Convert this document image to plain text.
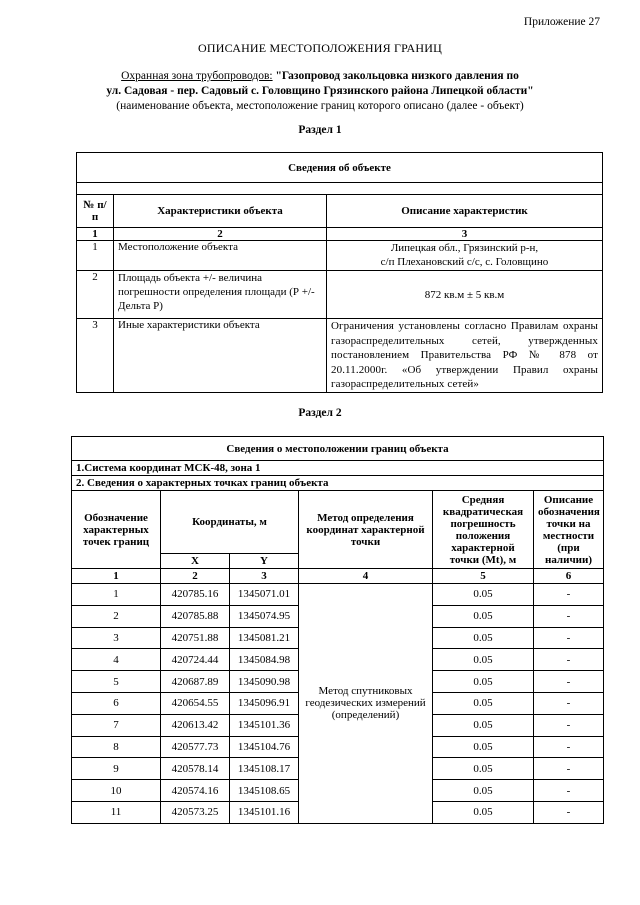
Приложение 27
ОПИСАНИЕ МЕСТОПОЛОЖЕНИЯ ГРАНИЦ
Охранная зона трубопроводов: "Газопровод закольцовка низкого давления по
ул. Садовая - пер. Садовый с. Головщино Грязинского района Липецкой области"
(наименование объекта, местоположение границ которого описано (далее - объект)
Раздел 1
Сведения об объекте		

№ п/п	Характеристики объекта	Описание характеристик
1	2	3
1	Местоположение объекта	Липецкая обл., Грязинский р-н,
с/п Плехановский с/с, с. Головщино

2	Площадь объекта +/- величина погрешности определения площади (Р +/- Дельта Р)	872 кв.м ± 5 кв.м
3	Иные характеристики объекта	Ограничения установлены согласно Правилам охраны газораспределительных сетей, утвержденных постановлением Правительства РФ № 878 от 20.11.2000г. «Об утверждении Правил охраны газораспределительных сетей»
Раздел 2
Сведения о местоположении границ объекта					
1.Система координат МСК-48, зона 1					
2. Сведения о характерных точках границ объекта					
Обозначение характерных точек границ	Координаты, м		Метод определения координат характерной точки	Средняя квадратическая погрешность положения характерной точки (Mt), м	Описание обозначения точки на местности (при наличии)
	X	Y			
1	2	3	4	5	6
1	420785.16	1345071.01	Метод спутниковых геодезических измерений (определений)	0.05	-
2	420785.88	1345074.95		0.05	-
3	420751.88	1345081.21		0.05	-
4	420724.44	1345084.98		0.05	-
5	420687.89	1345090.98		0.05	-
6	420654.55	1345096.91		0.05	-
7	420613.42	1345101.36		0.05	-
8	420577.73	1345104.76		0.05	-
9	420578.14	1345108.17		0.05	-
10	420574.16	1345108.65		0.05	-
11	420573.25	1345101.16		0.05	-
